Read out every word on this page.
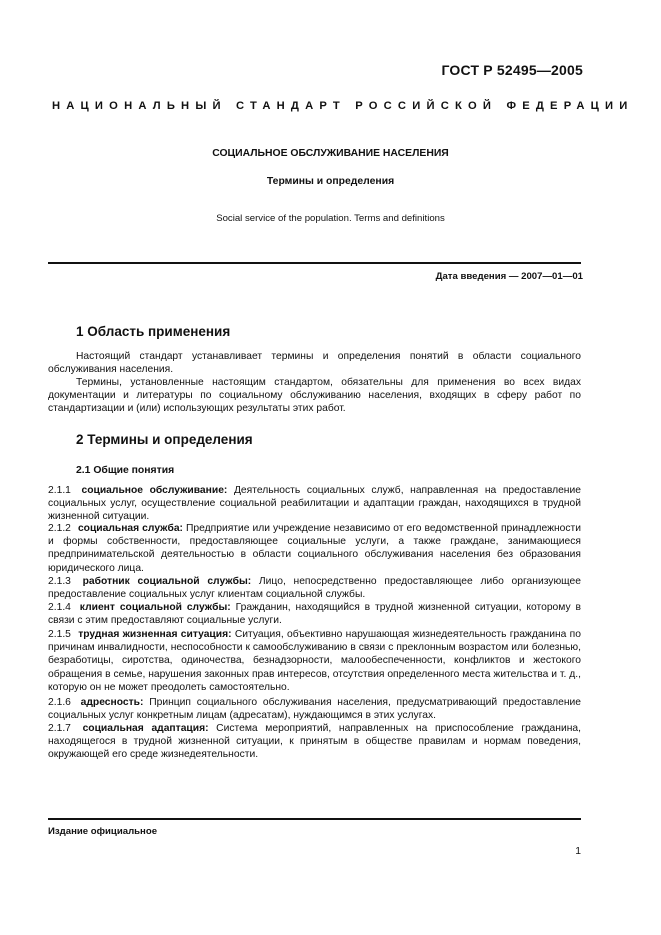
ГОСТ Р 52495—2005
НАЦИОНАЛЬНЫЙ СТАНДАРТ РОССИЙСКОЙ ФЕДЕРАЦИИ
СОЦИАЛЬНОЕ ОБСЛУЖИВАНИЕ НАСЕЛЕНИЯ
Термины и определения
Social service of the population. Terms and definitions
Дата введения — 2007—01—01
1 Область применения
Настоящий стандарт устанавливает термины и определения понятий в области социального обслуживания населения.
Термины, установленные настоящим стандартом, обязательны для применения во всех видах документации и литературы по социальному обслуживанию населения, входящих в сферу работ по стандартизации и (или) использующих результаты этих работ.
2 Термины и определения
2.1 Общие понятия
2.1.1 социальное обслуживание: Деятельность социальных служб, направленная на предоставление социальных услуг, осуществление социальной реабилитации и адаптации граждан, находящихся в трудной жизненной ситуации.
2.1.2 социальная служба: Предприятие или учреждение независимо от его ведомственной принадлежности и формы собственности, предоставляющее социальные услуги, а также граждане, занимающиеся предпринимательской деятельностью в области социального обслуживания населения без образования юридического лица.
2.1.3 работник социальной службы: Лицо, непосредственно предоставляющее либо организующее предоставление социальных услуг клиентам социальной службы.
2.1.4 клиент социальной службы: Гражданин, находящийся в трудной жизненной ситуации, которому в связи с этим предоставляют социальные услуги.
2.1.5 трудная жизненная ситуация: Ситуация, объективно нарушающая жизнедеятельность гражданина по причинам инвалидности, неспособности к самообслуживанию в связи с преклонным возрастом или болезнью, безработицы, сиротства, одиночества, безнадзорности, малообеспеченности, конфликтов и жестокого обращения в семье, нарушения законных прав интересов, отсутствия определенного места жительства и т. д., которую он не может преодолеть самостоятельно.
2.1.6 адресность: Принцип социального обслуживания населения, предусматривающий предоставление социальных услуг конкретным лицам (адресатам), нуждающимся в этих услугах.
2.1.7 социальная адаптация: Система мероприятий, направленных на приспособление гражданина, находящегося в трудной жизненной ситуации, к принятым в обществе правилам и нормам поведения, окружающей его среде жизнедеятельности.
Издание официальное
1
